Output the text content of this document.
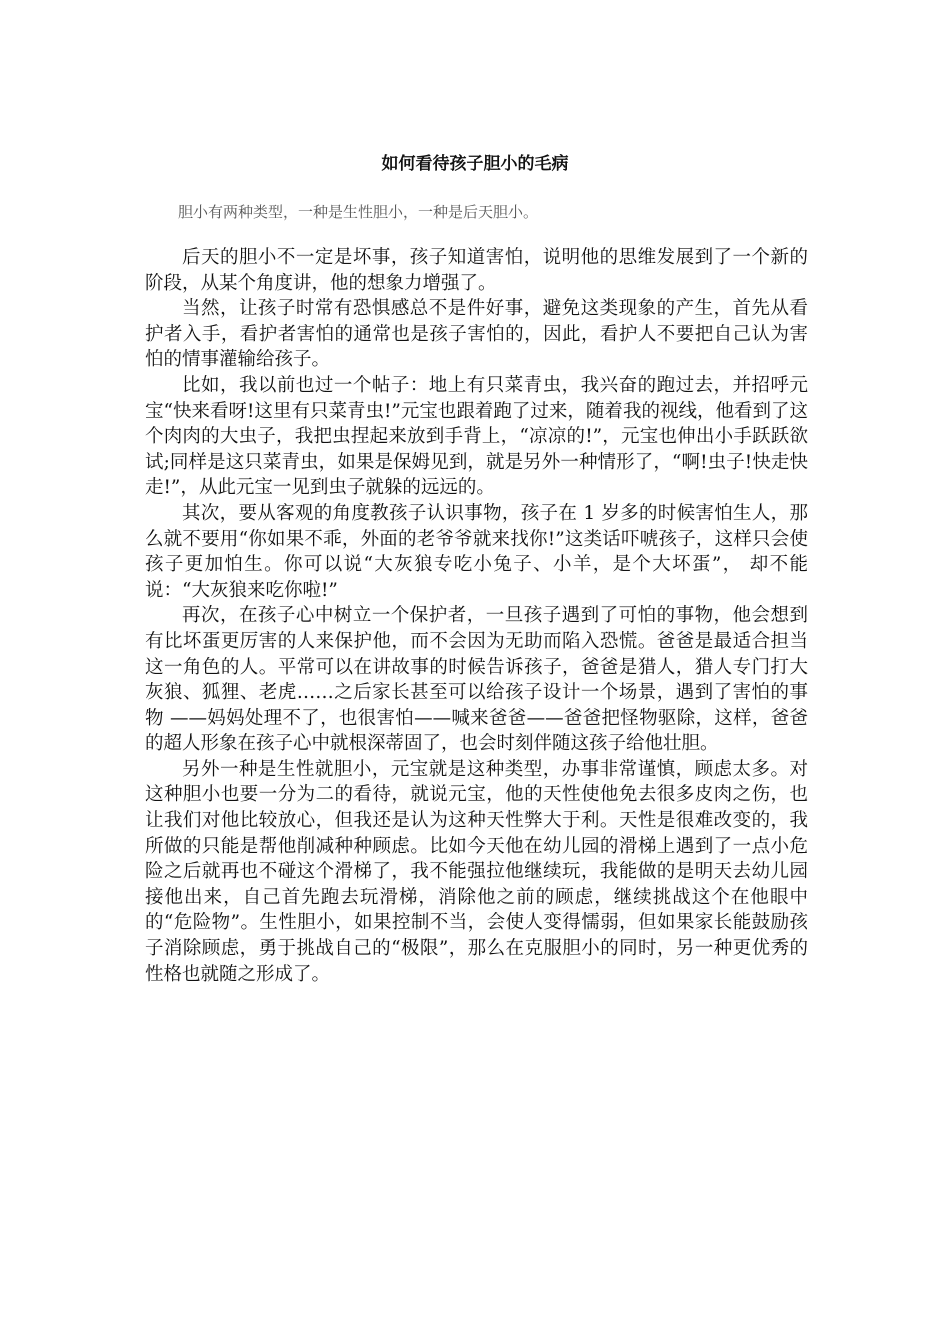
如何看待孩子胆小的毛病

胆小有两种类型，一种是生性胆小，一种是后天胆小。

后天的胆小不一定是坏事，孩子知道害怕，说明他的思维发展到了一个新的阶段，从某个角度讲，他的想象力增强了。

当然，让孩子时常有恐惧感总不是件好事，避免这类现象的产生，首先从看护者入手，看护者害怕的通常也是孩子害怕的，因此，看护人不要把自己认为害怕的情事灌输给孩子。

比如，我以前也过一个帖子：地上有只菜青虫，我兴奋的跑过去，并招呼元宝“快来看呀!这里有只菜青虫!”元宝也跟着跑了过来，随着我的视线，他看到了这个肉肉的大虫子，我把虫捏起来放到手背上，“凉凉的!”，元宝也伸出小手跃跃欲试;同样是这只菜青虫，如果是保姆见到，就是另外一种情形了，“啊!虫子!快走快走!”，从此元宝一见到虫子就躲的远远的。

其次，要从客观的角度教孩子认识事物，孩子在 1 岁多的时候害怕生人，那么就不要用“你如果不乖，外面的老爷爷就来找你!”这类话吓唬孩子，这样只会使孩子更加怕生。你可以说“大灰狼专吃小兔子、小羊，是个大坏蛋”， 却不能说：“大灰狼来吃你啦!”

再次，在孩子心中树立一个保护者，一旦孩子遇到了可怕的事物，他会想到有比坏蛋更厉害的人来保护他，而不会因为无助而陷入恐慌。爸爸是最适合担当这一角色的人。平常可以在讲故事的时候告诉孩子，爸爸是猎人，猎人专门打大灰狼、狐狸、老虎……之后家长甚至可以给孩子设计一个场景，遇到了害怕的事物 ——妈妈处理不了，也很害怕——喊来爸爸——爸爸把怪物驱除，这样，爸爸的超人形象在孩子心中就根深蒂固了，也会时刻伴随这孩子给他壮胆。

另外一种是生性就胆小，元宝就是这种类型，办事非常谨慎，顾虑太多。对这种胆小也要一分为二的看待，就说元宝，他的天性使他免去很多皮肉之伤，也让我们对他比较放心，但我还是认为这种天性弊大于利。天性是很难改变的，我所做的只能是帮他削减种种顾虑。比如今天他在幼儿园的滑梯上遇到了一点小危险之后就再也不碰这个滑梯了，我不能强拉他继续玩，我能做的是明天去幼儿园接他出来，自己首先跑去玩滑梯，消除他之前的顾虑，继续挑战这个在他眼中的“危险物”。生性胆小，如果控制不当，会使人变得懦弱，但如果家长能鼓励孩子消除顾虑，勇于挑战自己的“极限”，那么在克服胆小的同时，另一种更优秀的性格也就随之形成了。
